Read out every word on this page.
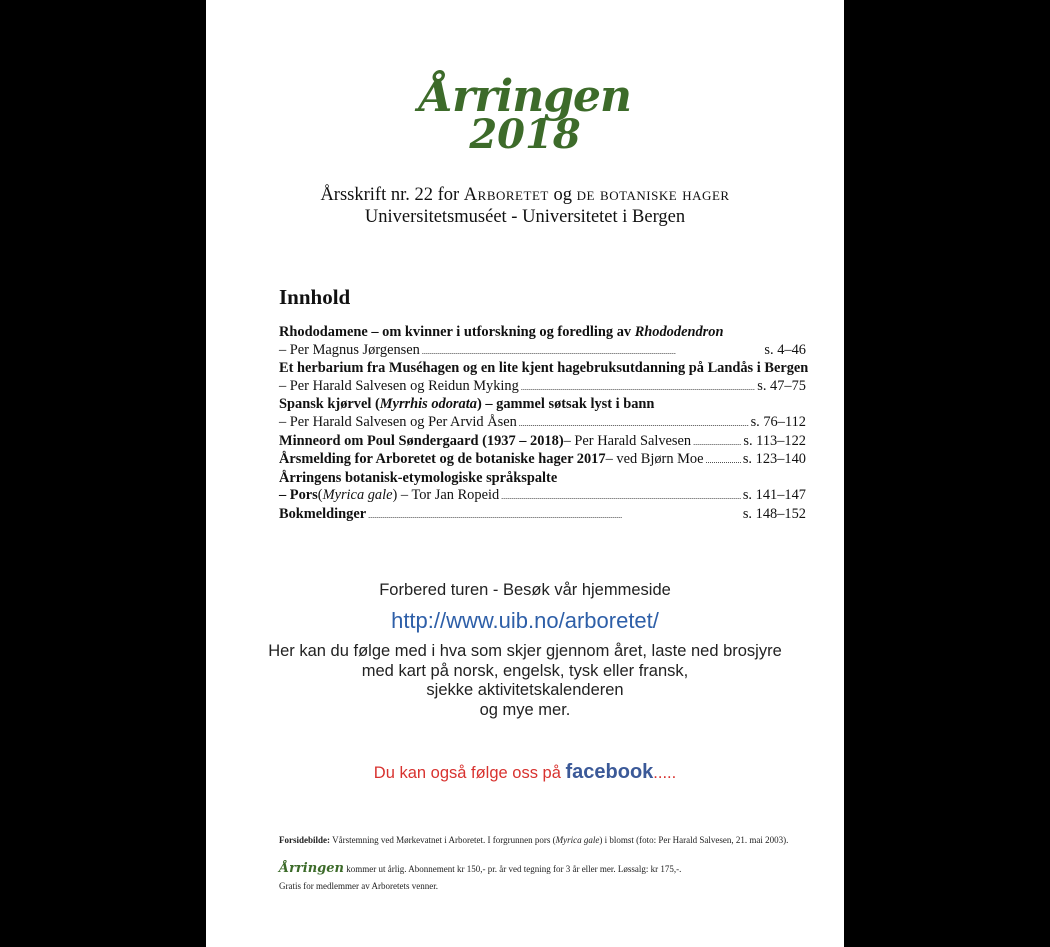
Årringen
2018
Årsskrift nr. 22 for Arboretet og de botaniske hager
Universitetsmuséet - Universitetet i Bergen
Innhold
Rhododamene – om kvinner i utforskning og foredling av Rhododendron
– Per Magnus Jørgensen . . .	s. 4–46
Et herbarium fra Muséhagen og en lite kjent hagebruksutdanning på Landås i Bergen
– Per Harald Salvesen og Reidun Myking . . .	s. 47–75
Spansk kjørvel (Myrrhis odorata) – gammel søtsak lyst i bann
– Per Harald Salvesen og Per Arvid Åsen . . .	s. 76–112
Minneord om Poul Søndergaard (1937 – 2018) – Per Harald Salvesen . . .	s. 113–122
Årsmelding for Arboretet og de botaniske hager 2017 – ved Bjørn Moe . . .	s. 123–140
Årringens botanisk-etymologiske språkspalte
– Pors ( Myrica gale ) – Tor Jan Ropeid . . .	s. 141–147
Bokmeldinger . . .	s. 148–152
Forbered turen - Besøk vår hjemmeside
http://www.uib.no/arboretet/
Her kan du følge med i hva som skjer gjennom året, laste ned brosjyre
med kart på norsk, engelsk, tysk eller fransk,
sjekke aktivitetskalenderen
og mye mer.
Du kan også følge oss på facebook.....
Forsidebilde: Vårstemning ved Mørkevatnet i Arboretet. I forgrunnen pors (Myrica gale) i blomst (foto: Per Harald Salvesen, 21. mai 2003).
Årringen kommer ut årlig. Abonnement kr 150,- pr. år ved tegning for 3 år eller mer. Løssalg: kr 175,-.
Gratis for medlemmer av Arboretets venner.
